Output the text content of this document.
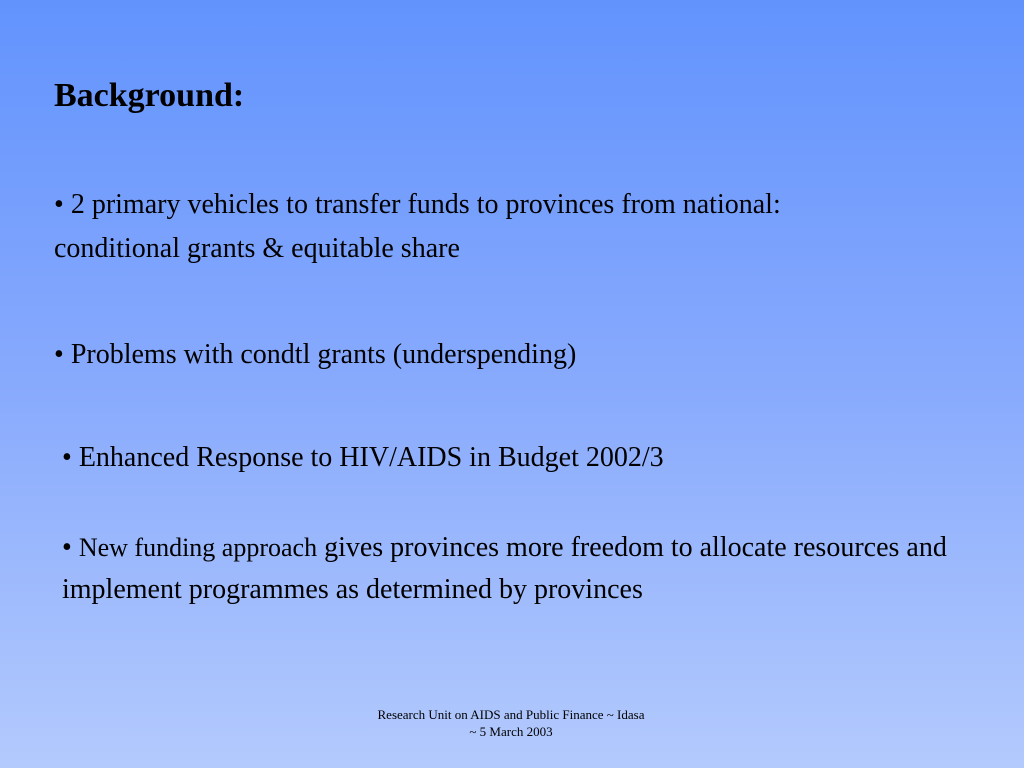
Background:

• 2 primary vehicles to transfer funds to provinces from national:
conditional grants & equitable share

• Problems with condtl grants (underspending)

• Enhanced Response to HIV/AIDS in Budget 2002/3

• New funding approach gives provinces more freedom to allocate resources and implement programmes as determined by provinces

Research Unit on AIDS and Public Finance ~ Idasa
~ 5 March 2003
